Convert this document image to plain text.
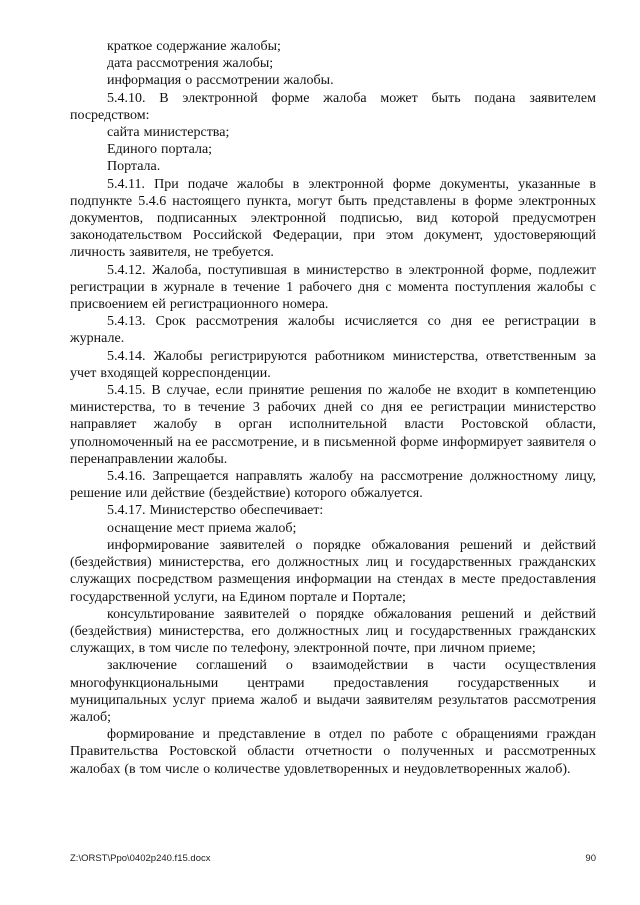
краткое содержание жалобы;

дата рассмотрения жалобы;

информация о рассмотрении жалобы.

5.4.10. В электронной форме жалоба может быть подана заявителем посредством:

сайта министерства;

Единого портала;

Портала.

5.4.11. При подаче жалобы в электронной форме документы, указанные в подпункте 5.4.6 настоящего пункта, могут быть представлены в форме электронных документов, подписанных электронной подписью, вид которой предусмотрен законодательством Российской Федерации, при этом документ, удостоверяющий личность заявителя, не требуется.

5.4.12. Жалоба, поступившая в министерство в электронной форме, подлежит регистрации в журнале в течение 1 рабочего дня с момента поступления жалобы с присвоением ей регистрационного номера.

5.4.13. Срок рассмотрения жалобы исчисляется со дня ее регистрации в журнале.

5.4.14. Жалобы регистрируются работником министерства, ответственным за учет входящей корреспонденции.

5.4.15. В случае, если принятие решения по жалобе не входит в компетенцию министерства, то в течение 3 рабочих дней со дня ее регистрации министерство направляет жалобу в орган исполнительной власти Ростовской области, уполномоченный на ее рассмотрение, и в письменной форме информирует заявителя о перенаправлении жалобы.

5.4.16. Запрещается направлять жалобу на рассмотрение должностному лицу, решение или действие (бездействие) которого обжалуется.

5.4.17. Министерство обеспечивает:

оснащение мест приема жалоб;

информирование заявителей о порядке обжалования решений и действий (бездействия) министерства, его должностных лиц и государственных гражданских служащих посредством размещения информации на стендах в месте предоставления государственной услуги, на Едином портале и Портале;

консультирование заявителей о порядке обжалования решений и действий (бездействия) министерства, его должностных лиц и государственных гражданских служащих, в том числе по телефону, электронной почте, при личном приеме;

заключение соглашений о взаимодействии в части осуществления многофункциональными центрами предоставления государственных и муниципальных услуг приема жалоб и выдачи заявителям результатов рассмотрения жалоб;

формирование и представление в отдел по работе с обращениями граждан Правительства Ростовской области отчетности о полученных и рассмотренных жалобах (в том числе о количестве удовлетворенных и неудовлетворенных жалоб).

Z:\ORST\Ppo\0402p240.f15.docx	90
